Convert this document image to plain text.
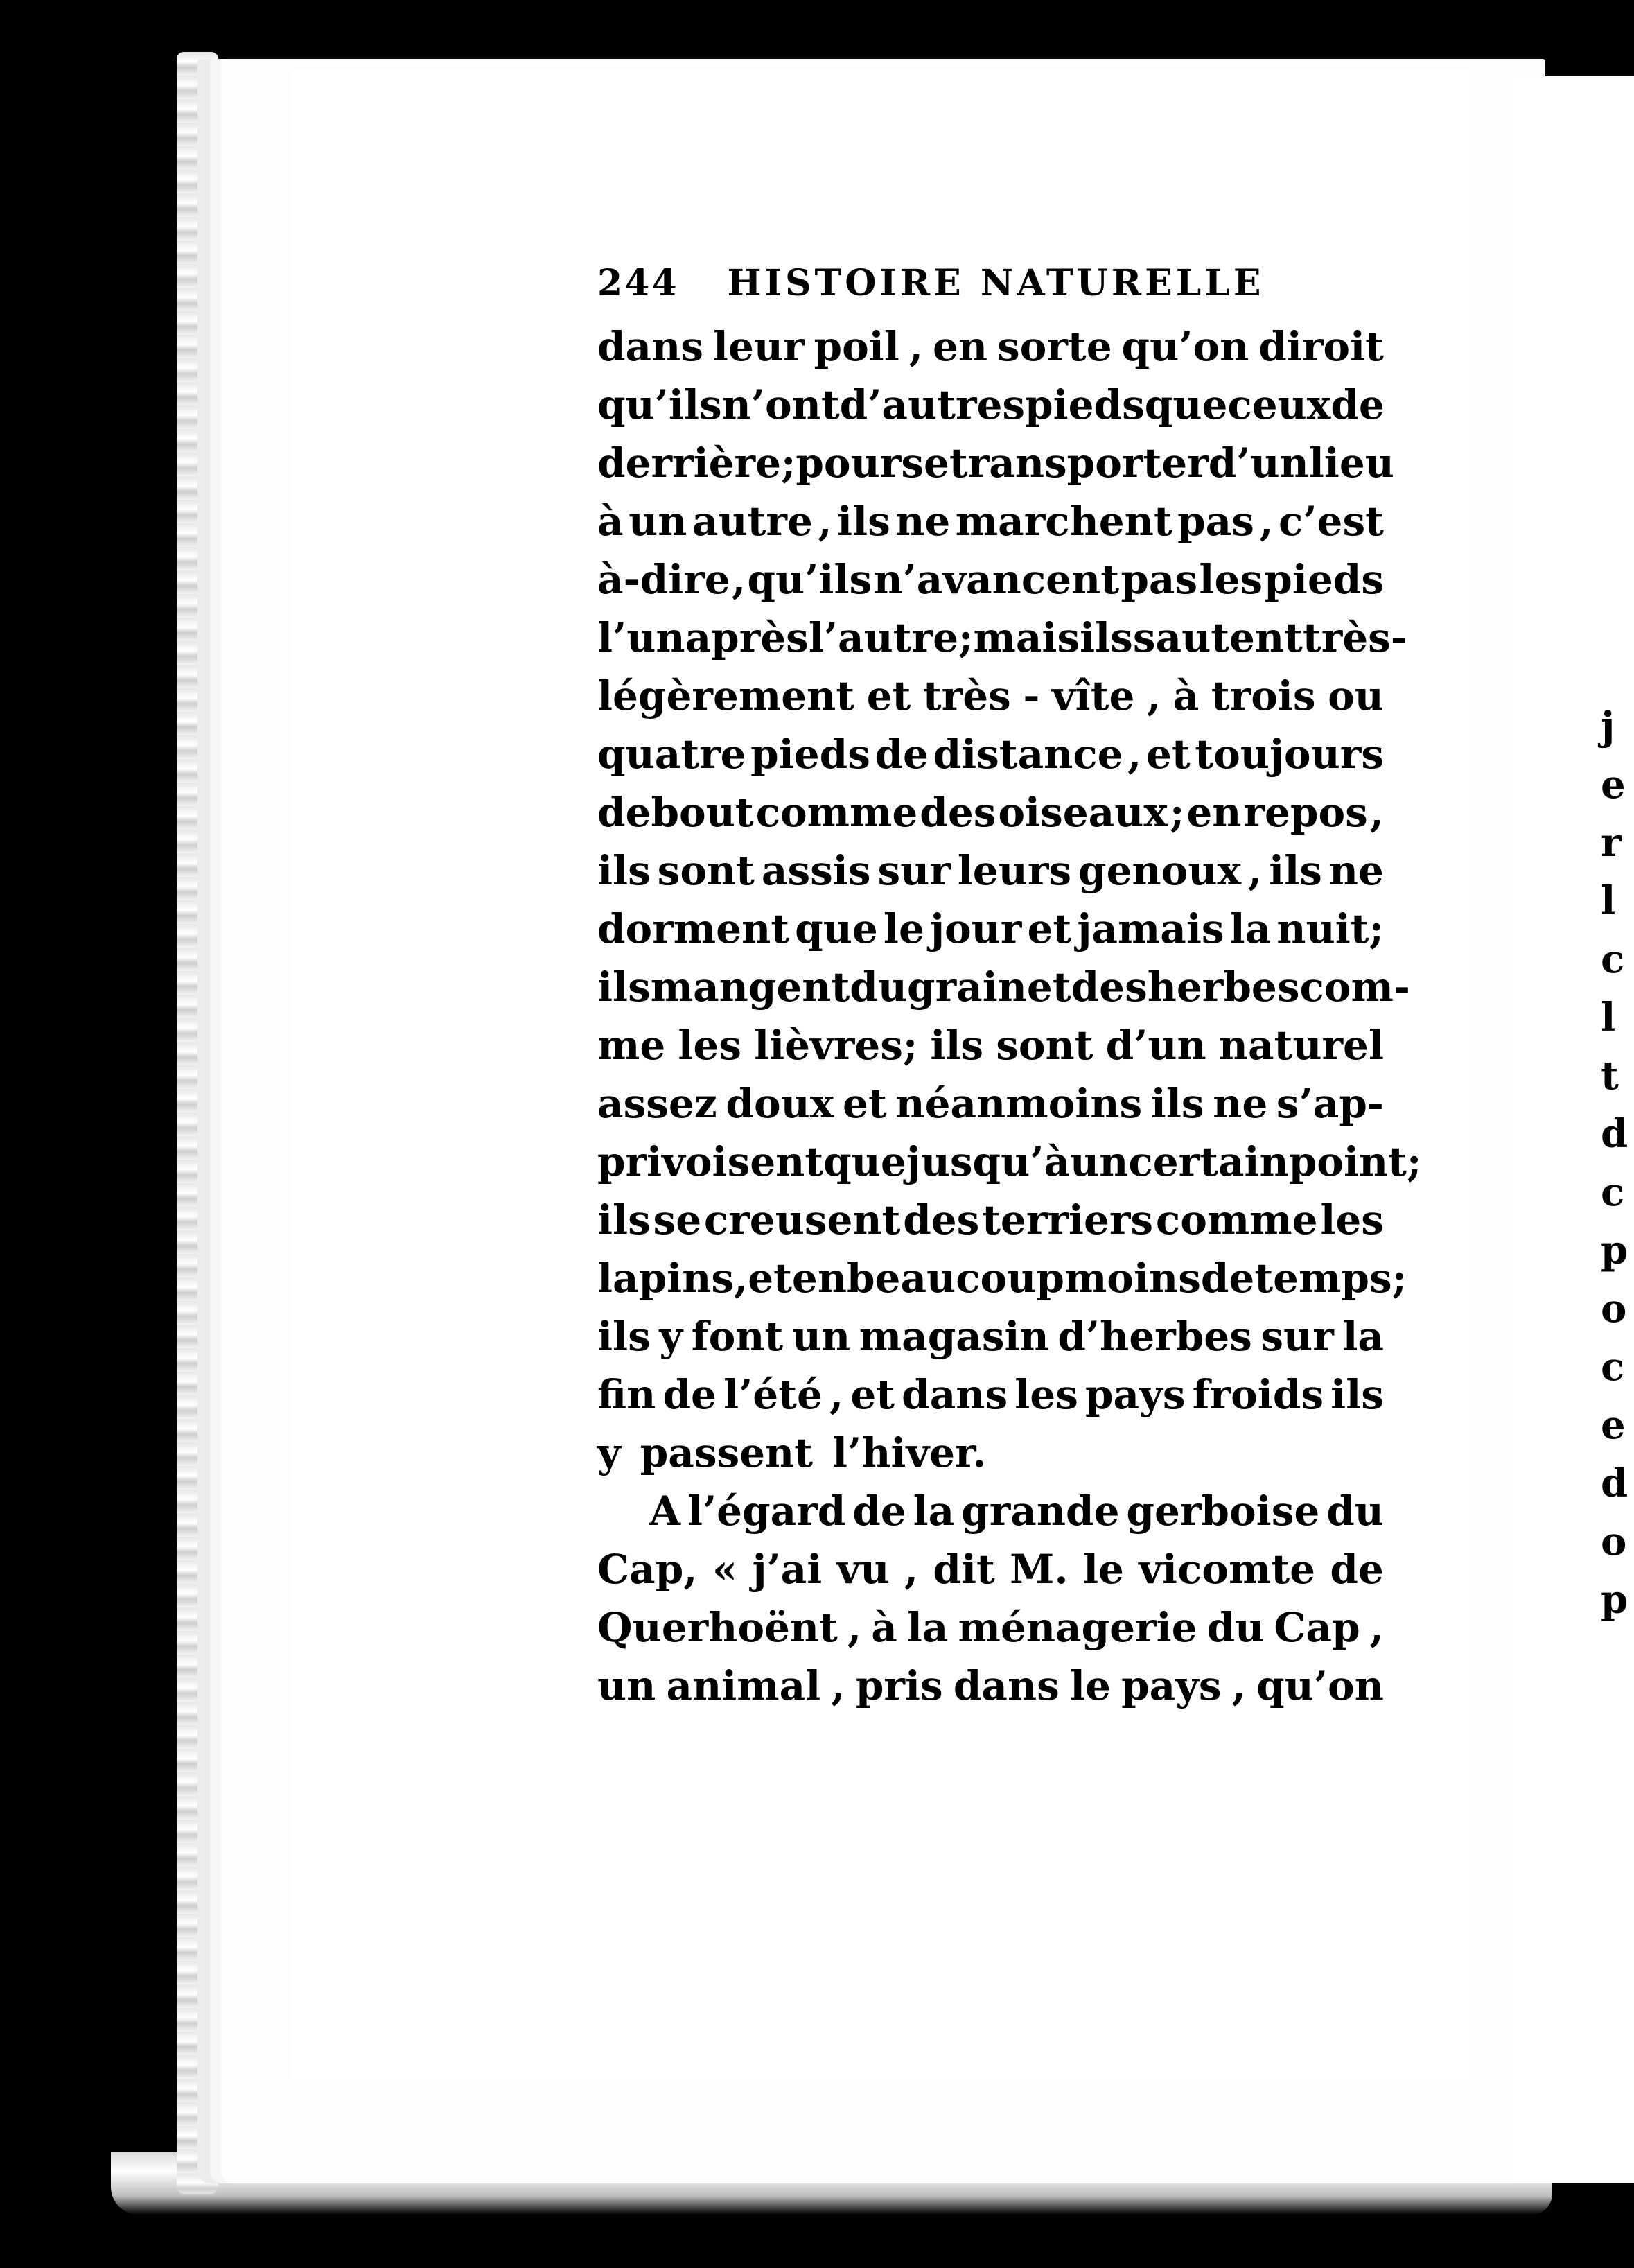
j
e
r
l
c
l
t
d
c
p
o
c
e
d
o
p
244 HISTOIRE NATURELLE
dans leur poil , en sorte qu’on diroit
qu’ils n’ont d’autres pieds que ceux de
derrière; pour se transporter d’un lieu
à un autre , ils ne marchent pas , c’est
à-dire , qu’ils n’avancent pas les pieds
l’un après l’autre; mais ils sautent très-
légèrement et très - vîte , à trois ou
quatre pieds de distance , et toujours
debout comme des oiseaux ; en repos ,
ils sont assis sur leurs genoux , ils ne
dorment que le jour et jamais la nuit;
ils mangent du grain et des herbes com-
me les lièvres; ils sont d’un naturel
assez doux et néanmoins ils ne s’ap-
privoisent que jusqu’à un certain point;
ils se creusent des terriers comme les
lapins, et en beaucoup moins de temps ;
ils y font un magasin d’herbes sur la
fin de l’été , et dans les pays froids ils
y passent l’hiver.
A l’égard de la grande gerboise du
Cap, « j’ai vu , dit M. le vicomte de
Querhoënt , à la ménagerie du Cap ,
un animal , pris dans le pays , qu’on
